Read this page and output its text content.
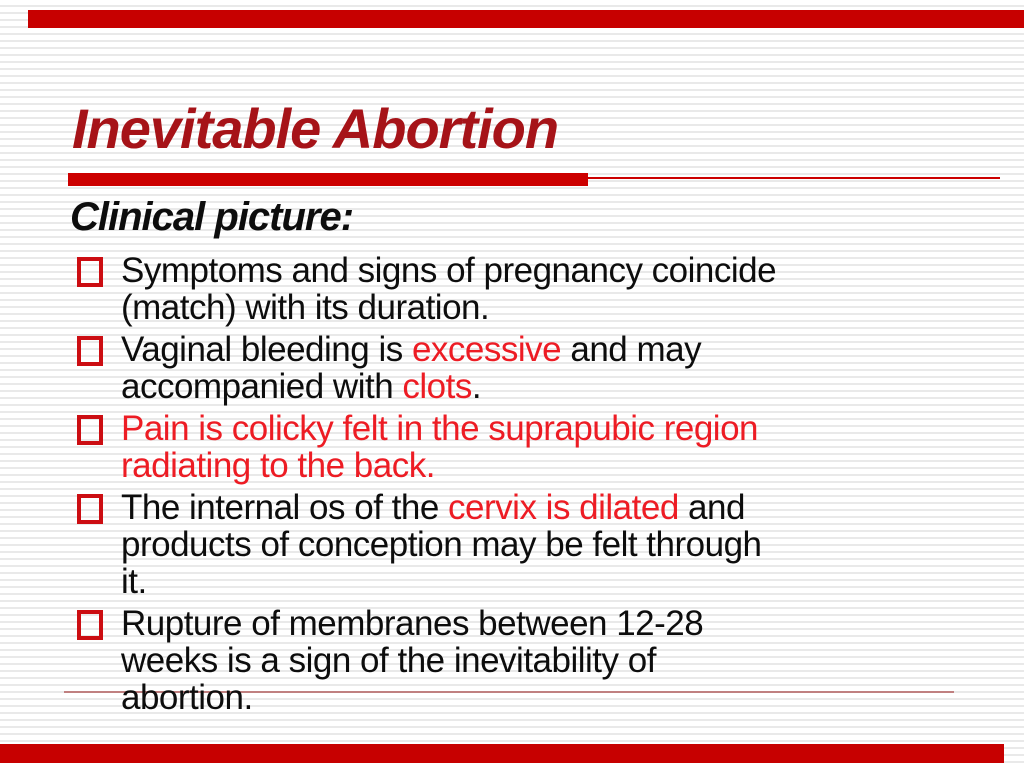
Inevitable Abortion
Clinical picture:
Symptoms and signs of pregnancy coincide
(match) with its duration.
Vaginal bleeding is excessive and may
accompanied with clots.
Pain is colicky felt in the suprapubic region
radiating to the back.
The internal os of the cervix is dilated and
products of conception may be felt through
it.
Rupture of membranes between 12-28
weeks is a sign of the inevitability of
abortion.
